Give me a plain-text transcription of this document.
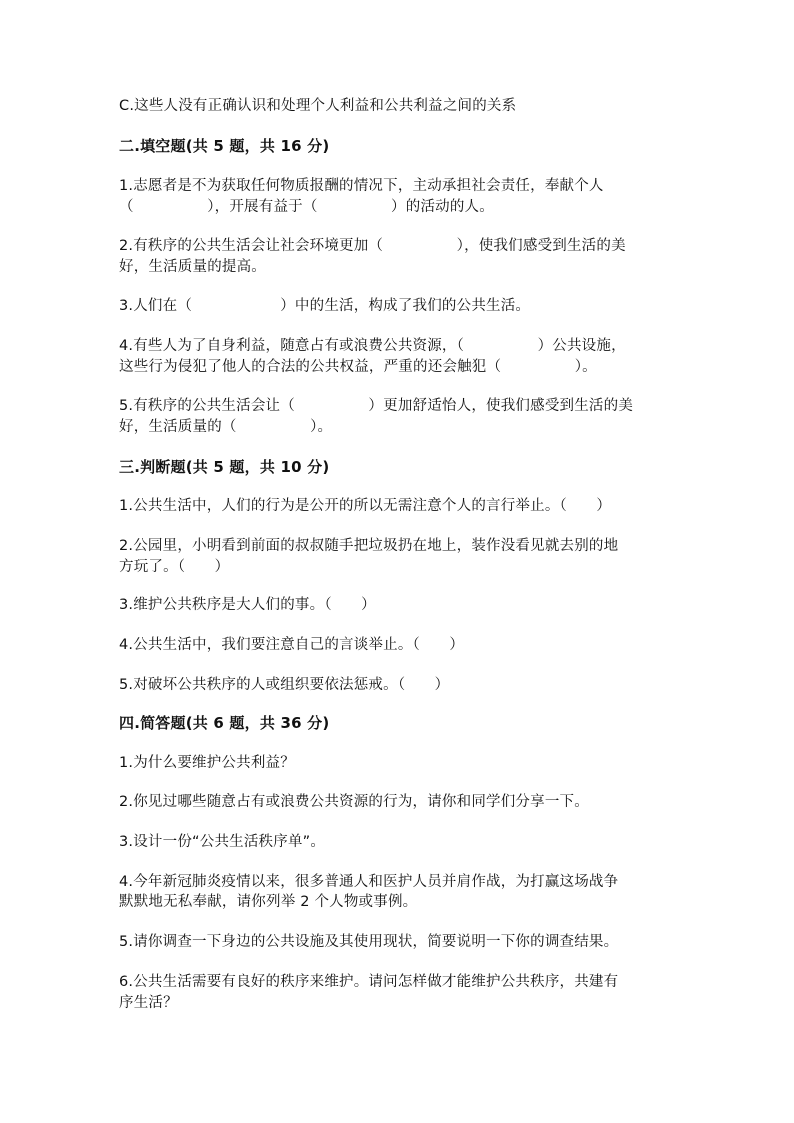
C.这些人没有正确认识和处理个人利益和公共利益之间的关系
二.填空题(共 5 题，共 16 分)
1.志愿者是不为获取任何物质报酬的情况下，主动承担社会责任，奉献个人
（　　　　　），开展有益于（　　　　　）的活动的人。
2.有秩序的公共生活会让社会环境更加（　　　　　），使我们感受到生活的美
好，生活质量的提高。
3.人们在（　　　　　　）中的生活，构成了我们的公共生活。
4.有些人为了自身利益，随意占有或浪费公共资源，（　　　　　）公共设施，
这些行为侵犯了他人的合法的公共权益，严重的还会触犯（　　　　　）。
5.有秩序的公共生活会让（　　　　　）更加舒适怡人，使我们感受到生活的美
好，生活质量的（　　　　　）。
三.判断题(共 5 题，共 10 分)
1.公共生活中，人们的行为是公开的所以无需注意个人的言行举止。（　　）
2.公园里，小明看到前面的叔叔随手把垃圾扔在地上，装作没看见就去别的地
方玩了。（　　）
3.维护公共秩序是大人们的事。（　　）
4.公共生活中，我们要注意自己的言谈举止。（　　）
5.对破坏公共秩序的人或组织要依法惩戒。（　　）
四.简答题(共 6 题，共 36 分)
1.为什么要维护公共利益？
2.你见过哪些随意占有或浪费公共资源的行为，请你和同学们分享一下。
3.设计一份“公共生活秩序单”。
4.今年新冠肺炎疫情以来，很多普通人和医护人员并肩作战，为打赢这场战争
默默地无私奉献，请你列举 2 个人物或事例。
5.请你调查一下身边的公共设施及其使用现状，简要说明一下你的调查结果。
6.公共生活需要有良好的秩序来维护。请问怎样做才能维护公共秩序，共建有
序生活？
